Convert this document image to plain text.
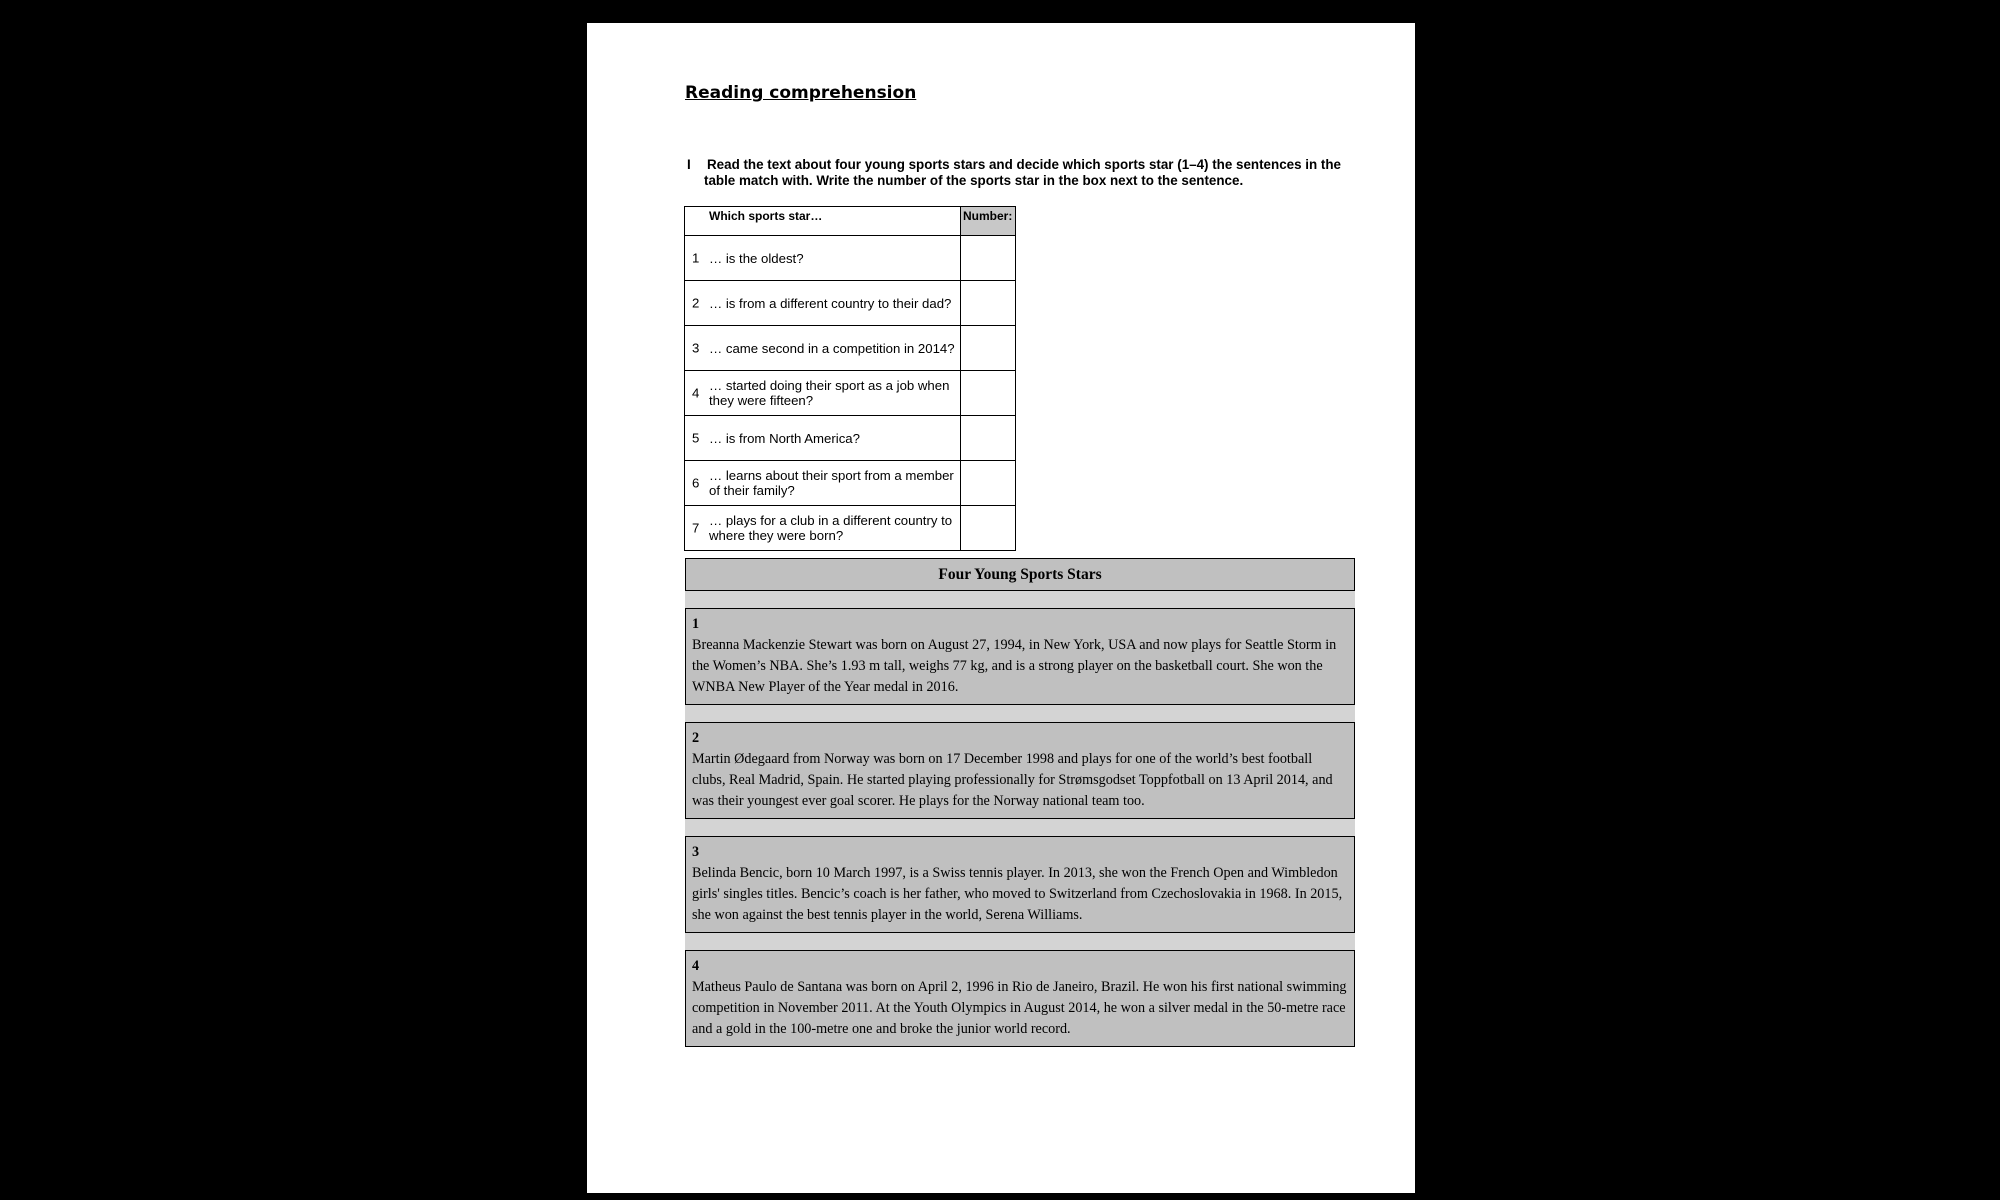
Reading comprehension
I Read the text about four young sports stars and decide which sports star (1–4) the sentences in the table match with. Write the number of the sports star in the box next to the sentence.
Which sports star…	Number:

1 … is the oldest?	

2 … is from a different country to their dad?	

3 … came second in a competition in 2014?	

4 … started doing their sport as a job when they were fifteen?	

5 … is from North America?	

6 … learns about their sport from a member of their family?	

7 … plays for a club in a different country to where they were born?	

Four Young Sports Stars
1
Breanna Mackenzie Stewart was born on August 27, 1994, in New York, USA and now plays for Seattle Storm in the Women’s NBA. She’s 1.93 m tall, weighs 77 kg, and is a strong player on the basketball court. She won the WNBA New Player of the Year medal in 2016.
2
Martin Ødegaard from Norway was born on 17 December 1998 and plays for one of the world’s best football clubs, Real Madrid, Spain. He started playing professionally for Strømsgodset Toppfotball on 13 April 2014, and was their youngest ever goal scorer. He plays for the Norway national team too.
3
Belinda Bencic, born 10 March 1997, is a Swiss tennis player. In 2013, she won the French Open and Wimbledon girls' singles titles. Bencic’s coach is her father, who moved to Switzerland from Czechoslovakia in 1968. In 2015, she won against the best tennis player in the world, Serena Williams.
4
Matheus Paulo de Santana was born on April 2, 1996 in Rio de Janeiro, Brazil. He won his first national swimming competition in November 2011. At the Youth Olympics in August 2014, he won a silver medal in the 50-metre race and a gold in the 100-metre one and broke the junior world record.
